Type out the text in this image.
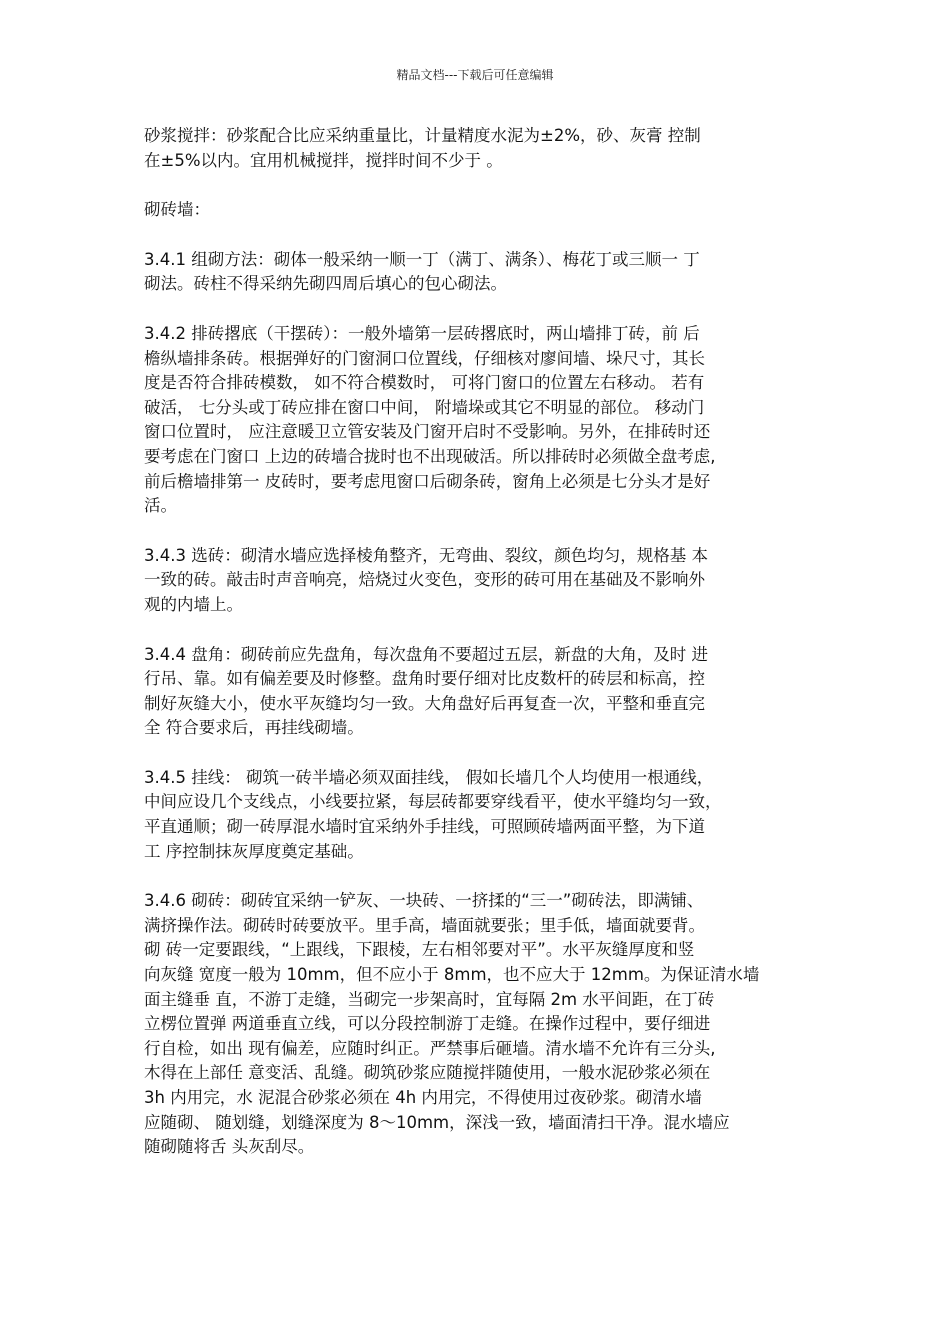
精品文档---下载后可任意编辑

砂浆搅拌：砂浆配合比应采纳重量比，计量精度水泥为±2%，砂、灰膏 控制
在±5%以内。宜用机械搅拌，搅拌时间不少于 。

砌砖墙：

3.4.1 组砌方法：砌体一般采纳一顺一丁（满丁、满条）、梅花丁或三顺一 丁
砌法。砖柱不得采纳先砌四周后填心的包心砌法。

3.4.2 排砖撂底（干摆砖）：一般外墙第一层砖撂底时，两山墙排丁砖，前 后
檐纵墙排条砖。根据弹好的门窗洞口位置线，仔细核对廖间墙、垛尺寸，其长
度是否符合排砖模数， 如不符合模数时， 可将门窗口的位置左右移动。 若有
破活， 七分头或丁砖应排在窗口中间， 附墙垛或其它不明显的部位。 移动门
窗口位置时， 应注意暖卫立管安装及门窗开启时不受影响。另外，在排砖时还
要考虑在门窗口 上边的砖墙合拢时也不出现破活。所以排砖时必须做全盘考虑,
前后檐墙排第一 皮砖时，要考虑甩窗口后砌条砖，窗角上必须是七分头才是好
活。

3.4.3 选砖：砌清水墙应选择棱角整齐，无弯曲、裂纹，颜色均匀，规格基 本
一致的砖。敲击时声音响亮，焙烧过火变色，变形的砖可用在基础及不影响外
观的内墙上。

3.4.4 盘角：砌砖前应先盘角，每次盘角不要超过五层，新盘的大角，及时 进
行吊、靠。如有偏差要及时修整。盘角时要仔细对比皮数杆的砖层和标高，控
制好灰缝大小，使水平灰缝均匀一致。大角盘好后再复查一次，平整和垂直完
全 符合要求后，再挂线砌墙。

3.4.5 挂线： 砌筑一砖半墙必须双面挂线， 假如长墙几个人均使用一根通线，
中间应设几个支线点，小线要拉紧，每层砖都要穿线看平，使水平缝均匀一致，
平直通顺；砌一砖厚混水墙时宜采纳外手挂线，可照顾砖墙两面平整，为下道
工 序控制抹灰厚度奠定基础。

3.4.6 砌砖：砌砖宜采纳一铲灰、一块砖、一挤揉的“三一”砌砖法，即满铺、
满挤操作法。砌砖时砖要放平。里手高，墙面就要张；里手低，墙面就要背。
砌 砖一定要跟线，“上跟线，下跟棱，左右相邻要对平”。水平灰缝厚度和竖
向灰缝 宽度一般为 10mm，但不应小于 8mm，也不应大于 12mm。为保证清水墙
面主缝垂 直，不游丁走缝，当砌完一步架高时，宜每隔 2m 水平间距，在丁砖
立楞位置弹 两道垂直立线，可以分段控制游丁走缝。在操作过程中，要仔细进
行自检，如出 现有偏差，应随时纠正。严禁事后砸墙。清水墙不允许有三分头,
木得在上部任 意变活、乱缝。砌筑砂浆应随搅拌随使用，一般水泥砂浆必须在
3h 内用完，水 泥混合砂浆必须在 4h 内用完，不得使用过夜砂浆。砌清水墙
应随砌、 随划缝，划缝深度为 8～10mm，深浅一致，墙面清扫干净。混水墙应
随砌随将舌 头灰刮尽。
